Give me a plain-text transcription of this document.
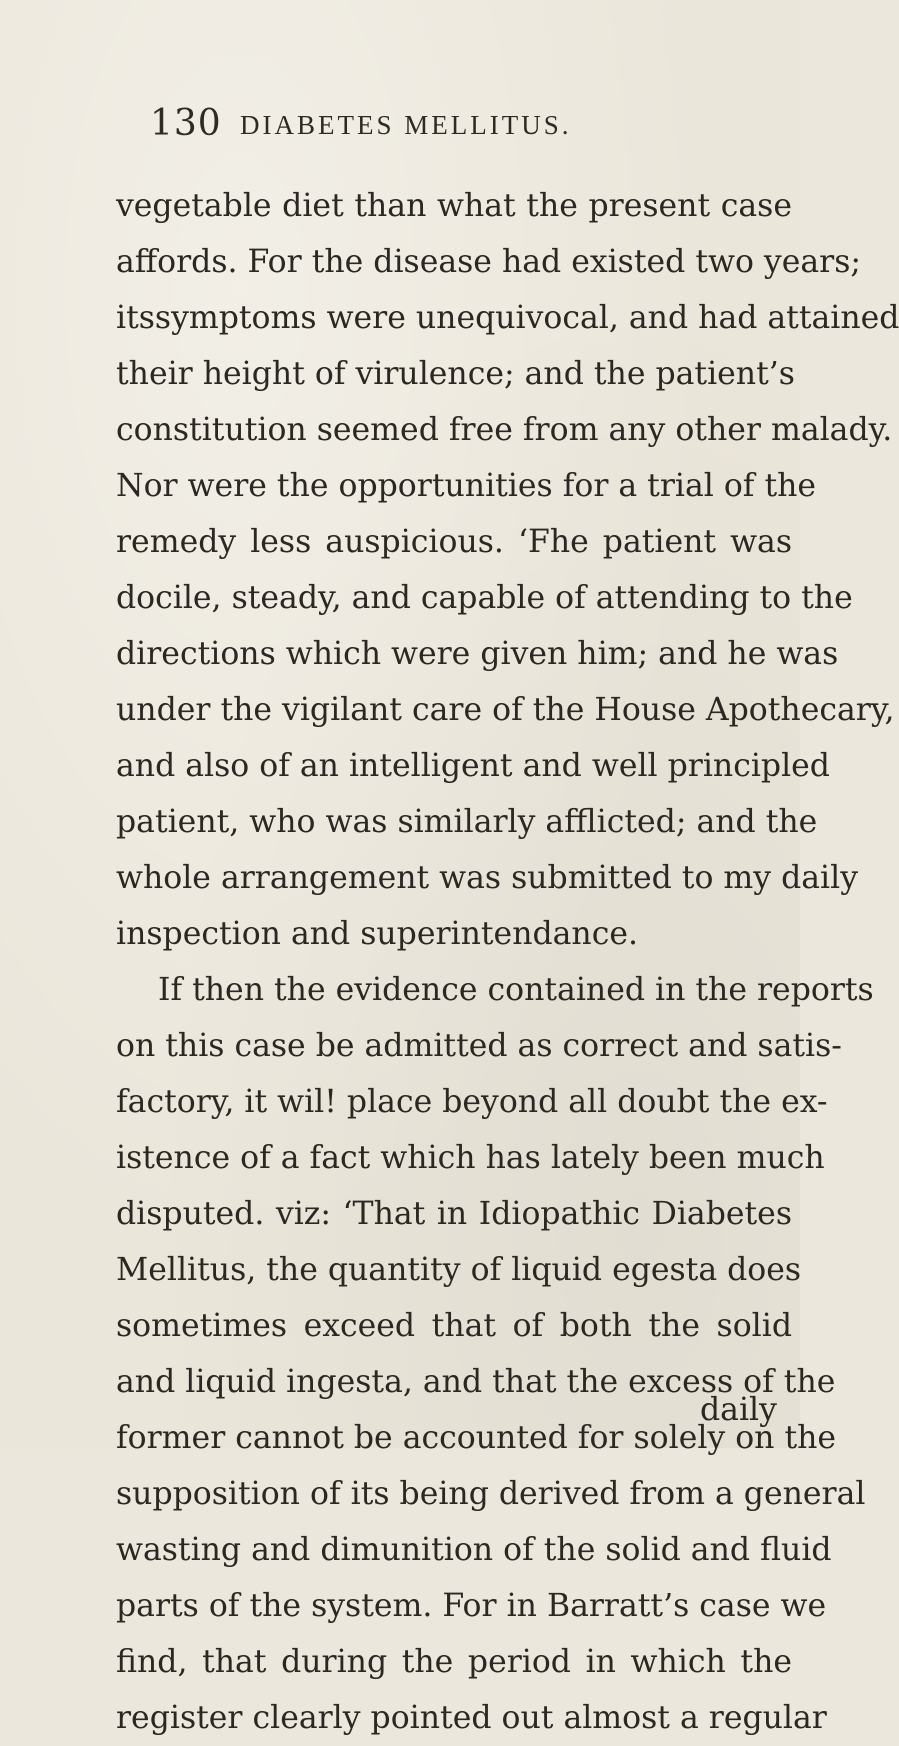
130 DIABETES MELLITUS.
vegetable diet than what the present case
affords. For the disease had existed two years;
itssymptoms were unequivocal, and had attained
their height of virulence; and the patient’s
constitution seemed free from any other malady.
Nor were the opportunities for a trial of the
remedy less auspicious. ‘Fhe patient was
docile, steady, and capable of attending to the
directions which were given him; and he was
under the vigilant care of the House Apothecary,
and also of an intelligent and well principled
patient, who was similarly afflicted; and the
whole arrangement was submitted to my daily
inspection and superintendance.
If then the evidence contained in the reports
on this case be admitted as correct and satis-
factory, it wil! place beyond all doubt the ex-
istence of a fact which has lately been much
disputed. viz: ‘That in Idiopathic Diabetes
Mellitus, the quantity of liquid egesta does
sometimes exceed that of both the solid
and liquid ingesta, and that the excess of the
former cannot be accounted for solely on the
supposition of its being derived from a general
wasting and dimunition of the solid and fluid
parts of the system. For in Barratt’s case we
find, that during the period in which the
register clearly pointed out almost a regular
daily
